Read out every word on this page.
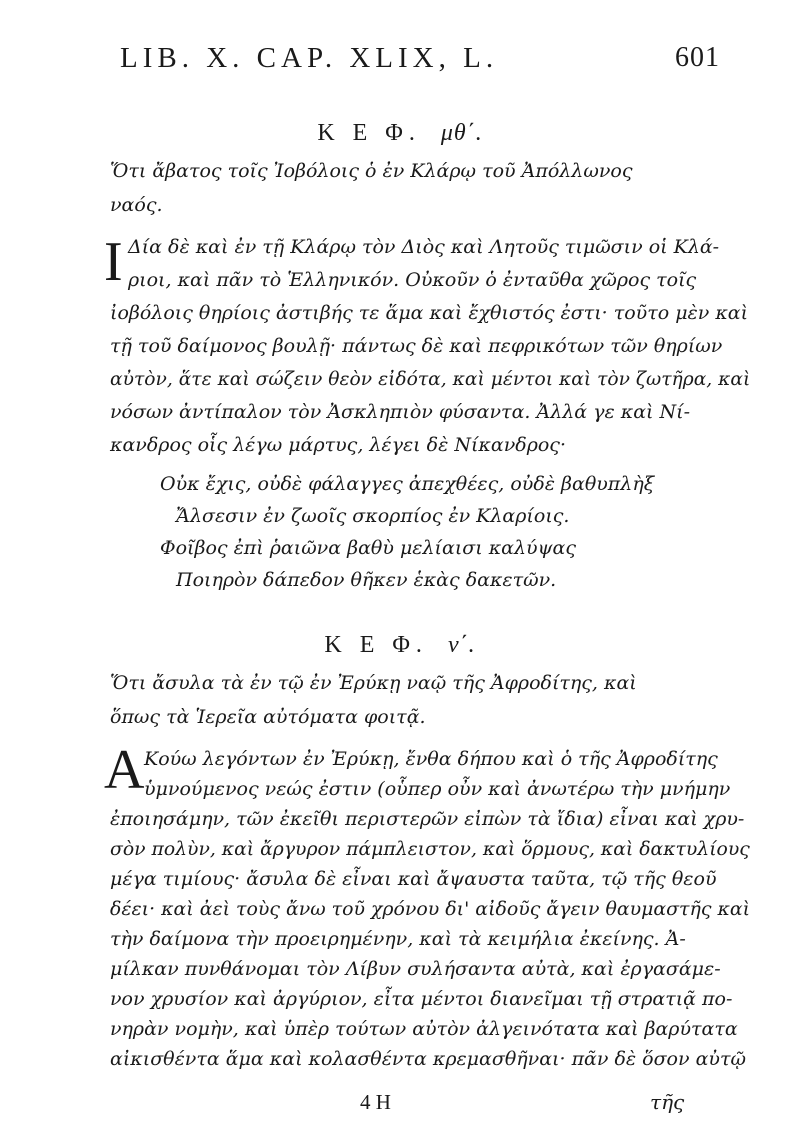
LIB. X. CAP. XLIX, L.	601
Κ Ε Φ. μθ΄.
Ὅτι ἄβατος τοῖς Ἰοβόλοις ὁ ἐν Κλάρῳ τοῦ Ἀπόλλωνος
ναός.
Ι Δία δὲ καὶ ἐν τῇ Κλάρῳ τὸν Διὸς καὶ Λητοῦς τιμῶσιν οἱ Κλά-
ριοι, καὶ πᾶν τὸ Ἑλληνικόν. Οὐκοῦν ὁ ἐνταῦθα χῶρος τοῖς
ἰοβόλοις θηρίοις ἀστιβής τε ἅμα καὶ ἔχθιστός ἐστι· τοῦτο μὲν καὶ
τῇ τοῦ δαίμονος βουλῇ· πάντως δὲ καὶ πεφρικότων τῶν θηρίων
αὐτὸν, ἅτε καὶ σώζειν θεὸν εἰδότα, καὶ μέντοι καὶ τὸν ζωτῆρα, καὶ
νόσων ἀντίπαλον τὸν Ἀσκληπιὸν φύσαντα. Ἀλλά γε καὶ Νί-
κανδρος οἷς λέγω μάρτυς, λέγει δὲ Νίκανδρος·
Οὐκ ἔχις, οὐδὲ φάλαγγες ἀπεχθέες, οὐδὲ βαθυπλὴξ
Ἄλσεσιν ἐν ζωοῖς σκορπίος ἐν Κλαρίοις.
Φοῖβος ἐπὶ ῥαιῶνα βαθὺ μελίαισι καλύψας
Ποιηρὸν δάπεδον θῆκεν ἑκὰς δακετῶν.
Κ Ε Φ. ν΄.
Ὅτι ἄσυλα τὰ ἐν τῷ ἐν Ἐρύκῃ ναῷ τῆς Ἀφροδίτης, καὶ
ὅπως τὰ Ἱερεῖα αὐτόματα φοιτᾷ.
Α Κούω λεγόντων ἐν Ἐρύκῃ, ἔνθα δήπου καὶ ὁ τῆς Ἀφροδίτης
ὑμνούμενος νεώς ἐστιν (οὗπερ οὖν καὶ ἀνωτέρω τὴν μνήμην
ἐποιησάμην, τῶν ἐκεῖθι περιστερῶν εἰπὼν τὰ ἴδια) εἶναι καὶ χρυ-
σὸν πολὺν, καὶ ἄργυρον πάμπλειστον, καὶ ὅρμους, καὶ δακτυλίους
μέγα τιμίους· ἄσυλα δὲ εἶναι καὶ ἄψαυστα ταῦτα, τῷ τῆς θεοῦ
δέει· καὶ ἀεὶ τοὺς ἄνω τοῦ χρόνου δι' αἰδοῦς ἄγειν θαυμαστῆς καὶ
τὴν δαίμονα τὴν προειρημένην, καὶ τὰ κειμήλια ἐκείνης. Ἀ-
μίλκαν πυνθάνομαι τὸν Λίβυν συλήσαντα αὐτὰ, καὶ ἐργασάμε-
νον χρυσίον καὶ ἀργύριον, εἶτα μέντοι διανεῖμαι τῇ στρατιᾷ πο-
νηρὰν νομὴν, καὶ ὑπὲρ τούτων αὐτὸν ἀλγεινότατα καὶ βαρύτατα
αἰκισθέντα ἅμα καὶ κολασθέντα κρεμασθῆναι· πᾶν δὲ ὅσον αὐτῷ
4 H	τῆς
